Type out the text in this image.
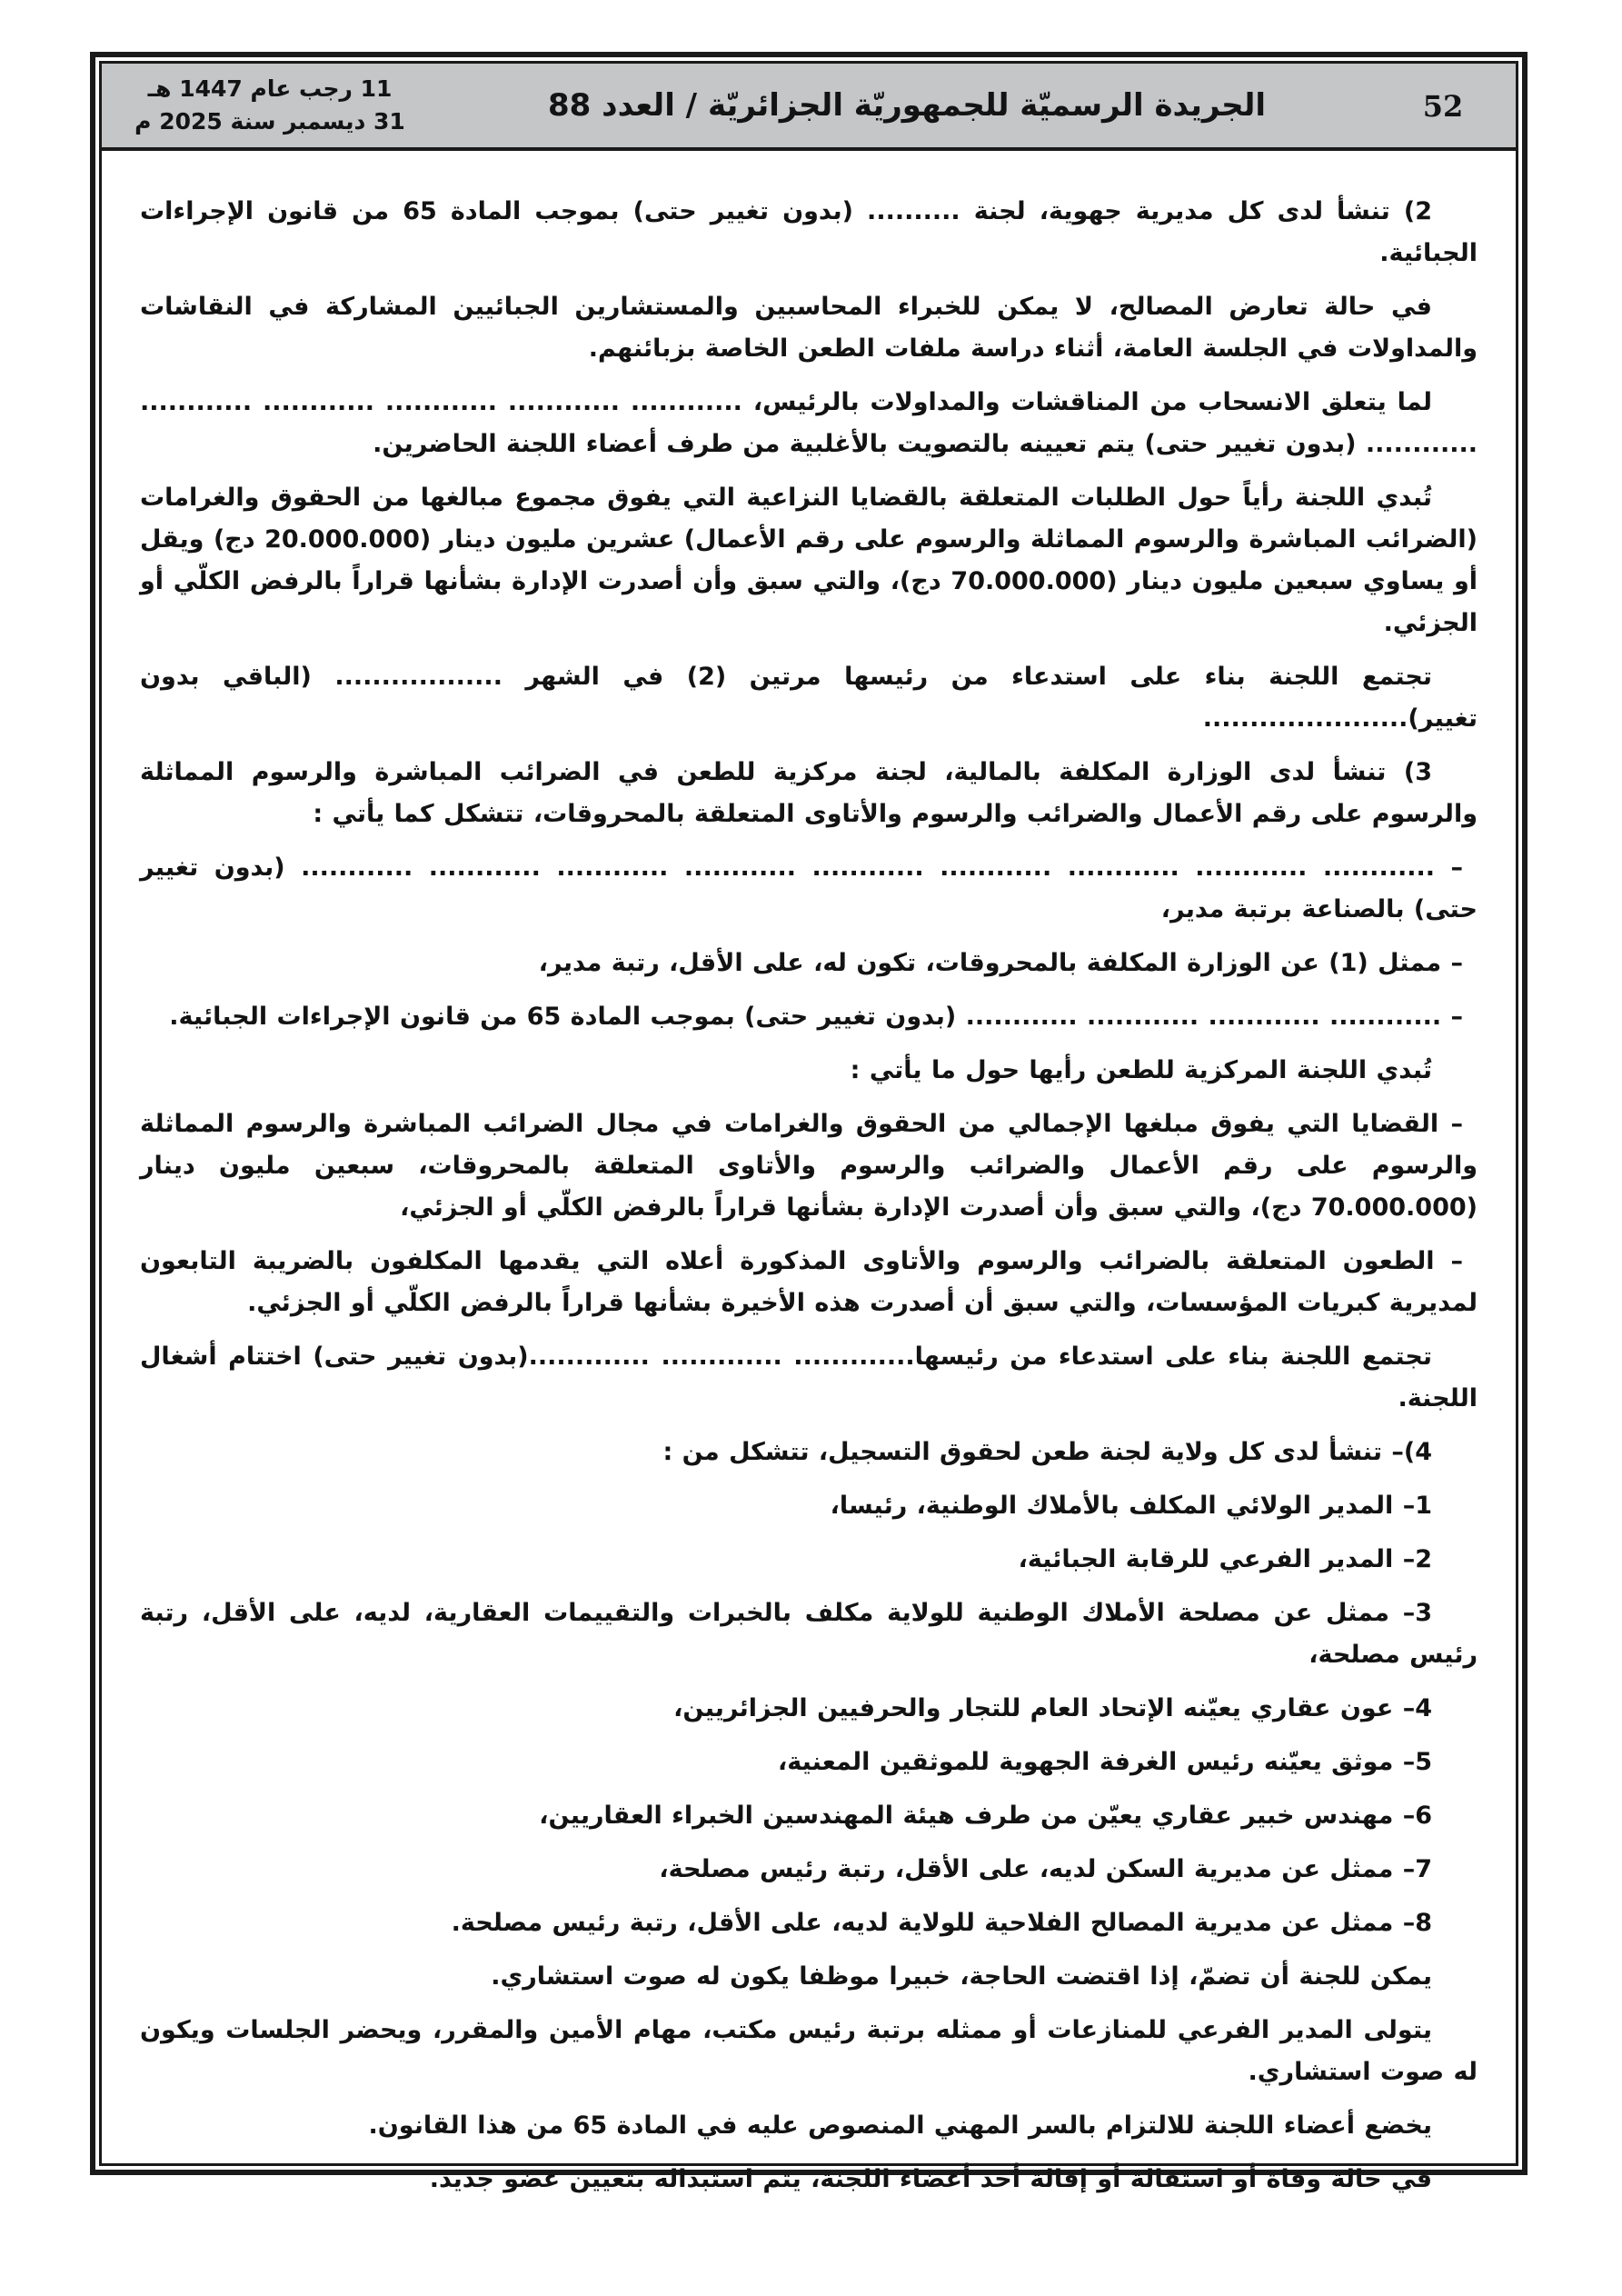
11 رجب عام 1447 هـ
31 ديسمبر سنة 2025 م	الجريدة الرسميّة للجمهوريّة الجزائريّة / العدد 88	52

2) تنشأ لدى كل مديرية جهوية، لجنة .......... (بدون تغيير حتى) بموجب المادة 65 من قانون الإجراءات الجبائية.

في حالة تعارض المصالح، لا يمكن للخبراء المحاسبين والمستشارين الجبائيين المشاركة في النقاشات والمداولات في الجلسة العامة، أثناء دراسة ملفات الطعن الخاصة بزبائنهم.

لما يتعلق الانسحاب من المناقشات والمداولات بالرئيس، ............ ............ ............ ............ ............ ............ (بدون تغيير حتى) يتم تعيينه بالتصويت بالأغلبية من طرف أعضاء اللجنة الحاضرين.

تُبدي اللجنة رأياً حول الطلبات المتعلقة بالقضايا النزاعية التي يفوق مجموع مبالغها من الحقوق والغرامات (الضرائب المباشرة والرسوم المماثلة والرسوم على رقم الأعمال) عشرين مليون دينار (20.000.000 دج) ويقل أو يساوي سبعين مليون دينار (70.000.000 دج)، والتي سبق وأن أصدرت الإدارة بشأنها قراراً بالرفض الكلّي أو الجزئي.

تجتمع اللجنة بناء على استدعاء من رئيسها مرتين (2) في الشهر .................. (الباقي بدون تغيير)......................

3) تنشأ لدى الوزارة المكلفة بالمالية، لجنة مركزية للطعن في الضرائب المباشرة والرسوم المماثلة والرسوم على رقم الأعمال والضرائب والرسوم والأتاوى المتعلقة بالمحروقات، تتشكل كما يأتي :

– ............ ............ ............ ............ ............ ............ ............ ............ ............ (بدون تغيير حتى) بالصناعة برتبة مدير،

– ممثل (1) عن الوزارة المكلفة بالمحروقات، تكون له، على الأقل، رتبة مدير،

– ............ ............ ............ ............ (بدون تغيير حتى) بموجب المادة 65 من قانون الإجراءات الجبائية.

تُبدي اللجنة المركزية للطعن رأيها حول ما يأتي :

– القضايا التي يفوق مبلغها الإجمالي من الحقوق والغرامات في مجال الضرائب المباشرة والرسوم المماثلة والرسوم على رقم الأعمال والضرائب والرسوم والأتاوى المتعلقة بالمحروقات، سبعين مليون دينار (70.000.000 دج)، والتي سبق وأن أصدرت الإدارة بشأنها قراراً بالرفض الكلّي أو الجزئي،

– الطعون المتعلقة بالضرائب والرسوم والأتاوى المذكورة أعلاه التي يقدمها المكلفون بالضريبة التابعون لمديرية كبريات المؤسسات، والتي سبق أن أصدرت هذه الأخيرة بشأنها قراراً بالرفض الكلّي أو الجزئي.

تجتمع اللجنة بناء على استدعاء من رئيسها............. ............. .............(بدون تغيير حتى) اختتام أشغال اللجنة.

4)– تنشأ لدى كل ولاية لجنة طعن لحقوق التسجيل، تتشكل من :

1– المدير الولائي المكلف بالأملاك الوطنية، رئيسا،

2– المدير الفرعي للرقابة الجبائية،

3– ممثل عن مصلحة الأملاك الوطنية للولاية مكلف بالخبرات والتقييمات العقارية، لديه، على الأقل، رتبة رئيس مصلحة،

4– عون عقاري يعيّنه الإتحاد العام للتجار والحرفيين الجزائريين،

5– موثق يعيّنه رئيس الغرفة الجهوية للموثقين المعنية،

6– مهندس خبير عقاري يعيّن من طرف هيئة المهندسين الخبراء العقاريين،

7– ممثل عن مديرية السكن لديه، على الأقل، رتبة رئيس مصلحة،

8– ممثل عن مديرية المصالح الفلاحية للولاية لديه، على الأقل، رتبة رئيس مصلحة.

يمكن للجنة أن تضمّ، إذا اقتضت الحاجة، خبيرا موظفا يكون له صوت استشاري.

يتولى المدير الفرعي للمنازعات أو ممثله برتبة رئيس مكتب، مهام الأمين والمقرر، ويحضر الجلسات ويكون له صوت استشاري.

يخضع أعضاء اللجنة للالتزام بالسر المهني المنصوص عليه في المادة 65 من هذا القانون.

في حالة وفاة أو استقالة أو إقالة أحد أعضاء اللجنة، يتم استبداله بتعيين عضو جديد.
